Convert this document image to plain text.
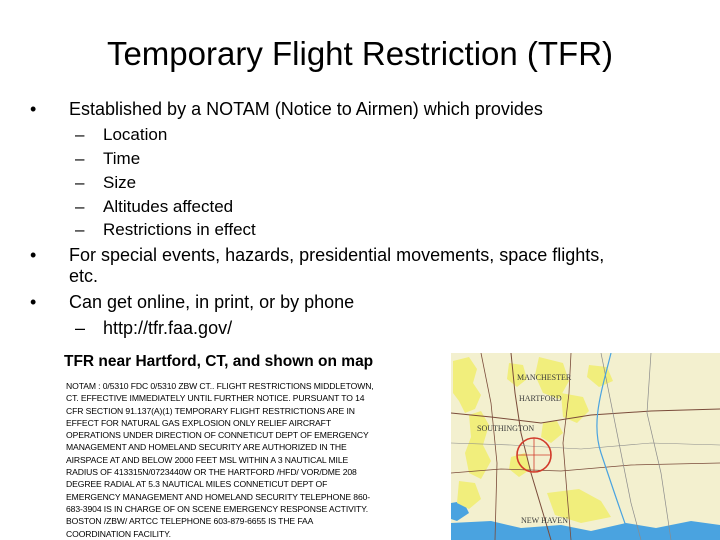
Temporary Flight Restriction (TFR)
• Established by a NOTAM (Notice to Airmen) which provides
– Location
– Time
– Size
– Altitudes affected
– Restrictions in effect
• For special events, hazards, presidential movements, space flights,
etc.
• Can get online, in print, or by phone
– http://tfr.faa.gov/
TFR near Hartford, CT, and shown on map
NOTAM : 0/5310 FDC 0/5310 ZBW CT.. FLIGHT RESTRICTIONS MIDDLETOWN,
CT. EFFECTIVE IMMEDIATELY UNTIL FURTHER NOTICE. PURSUANT TO 14
CFR SECTION 91.137(A)(1) TEMPORARY FLIGHT RESTRICTIONS ARE IN
EFFECT FOR NATURAL GAS EXPLOSION ONLY RELIEF AIRCRAFT
OPERATIONS UNDER DIRECTION OF CONNETICUT DEPT OF EMERGENCY
MANAGEMENT AND HOMELAND SECURITY ARE AUTHORIZED IN THE
AIRSPACE AT AND BELOW 2000 FEET MSL WITHIN A 3 NAUTICAL MILE
RADIUS OF 413315N/0723440W OR THE HARTFORD /HFD/ VOR/DME 208
DEGREE RADIAL AT 5.3 NAUTICAL MILES CONNETICUT DEPT OF
EMERGENCY MANAGEMENT AND HOMELAND SECURITY TELEPHONE 860-
683-3904 IS IN CHARGE OF ON SCENE EMERGENCY RESPONSE ACTIVITY.
BOSTON /ZBW/ ARTCC TELEPHONE 603-879-6655 IS THE FAA
COORDINATION FACILITY.
MANCHESTER
HARTFORD
SOUTHINGTON
NEW HAVEN
